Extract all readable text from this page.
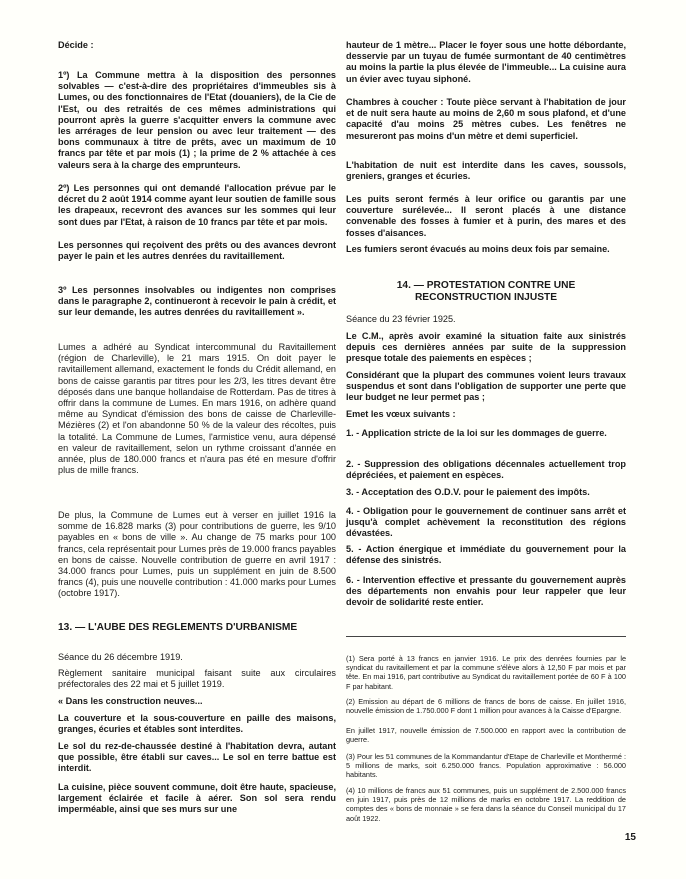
Décide :

1º) La Commune mettra à la disposition des personnes solvables — c'est-à-dire des propriétaires d'immeubles sis à Lumes, ou des fonctionnaires de l'Etat (douaniers), de la Cie de l'Est, ou des retraités de ces mêmes administrations qui pourront après la guerre s'acquitter envers la commune avec les arrérages de leur pension ou avec leur traitement — des bons communaux à titre de prêts, avec un maximum de 10 francs par tête et par mois (1) ; la prime de 2 % attachée à ces valeurs sera à la charge des emprunteurs.

2º) Les personnes qui ont demandé l'allocation prévue par le décret du 2 août 1914 comme ayant leur soutien de famille sous les drapeaux, recevront des avances sur les sommes qui leur sont dues par l'Etat, à raison de 10 francs par tête et par mois.

Les personnes qui reçoivent des prêts ou des avances devront payer le pain et les autres denrées du ravitaillement.

3º Les personnes insolvables ou indigentes non comprises dans le paragraphe 2, continueront à recevoir le pain à crédit, et sur leur demande, les autres denrées du ravitaillement ».

Lumes a adhéré au Syndicat intercommunal du Ravitaillement (région de Charleville), le 21 mars 1915. On doit payer le ravitaillement allemand, exactement le fonds du Crédit allemand, en bons de caisse garantis par titres pour les 2/3, les titres devant être déposés dans une banque hollandaise de Rotterdam. Pas de titres à offrir dans la commune de Lumes. En mars 1916, on adhère quand même au Syndicat d'émission des bons de caisse de Charleville-Mézières (2) et l'on abandonne 50 % de la valeur des récoltes, puis la totalité. La Commune de Lumes, l'armistice venu, aura dépensé en valeur de ravitaillement, selon un rythme croissant d'année en année, plus de 180.000 francs et n'aura pas été en mesure d'offrir plus de mille francs.

De plus, la Commune de Lumes eut à verser en juillet 1916 la somme de 16.828 marks (3) pour contributions de guerre, les 9/10 payables en « bons de ville ». Au change de 75 marks pour 100 francs, cela représentait pour Lumes près de 19.000 francs payables en bons de caisse. Nouvelle contribution de guerre en avril 1917 : 34.000 francs pour Lumes, puis un supplément en juin de 8.500 francs (4), puis une nouvelle contribution : 41.000 marks pour Lumes (octobre 1917).

13. — L'AUBE DES REGLEMENTS D'URBANISME

Séance du 26 décembre 1919.

Règlement sanitaire municipal faisant suite aux circulaires préfectorales des 22 mai et 5 juillet 1919.

« Dans les construction neuves...

La couverture et la sous-couverture en paille des maisons, granges, écuries et étables sont interdites.

Le sol du rez-de-chaussée destiné à l'habitation devra, autant que possible, être établi sur caves... Le sol en terre battue est interdit.

La cuisine, pièce souvent commune, doit être haute, spacieuse, largement éclairée et facile à aérer. Son sol sera rendu imperméable, ainsi que ses murs sur une

hauteur de 1 mètre... Placer le foyer sous une hotte débordante, desservie par un tuyau de fumée surmontant de 40 centimètres au moins la partie la plus élevée de l'immeuble... La cuisine aura un évier avec tuyau siphoné.

Chambres à coucher : Toute pièce servant à l'habitation de jour et de nuit sera haute au moins de 2,60 m sous plafond, et d'une capacité d'au moins 25 mètres cubes. Les fenêtres ne mesureront pas moins d'un mètre et demi superficiel.

L'habitation de nuit est interdite dans les caves, soussols, greniers, granges et écuries.

Les puits seront fermés à leur orifice ou garantis par une couverture surélevée... Il seront placés à une distance convenable des fosses à fumier et à purin, des mares et des fosses d'aisances.

Les fumiers seront évacués au moins deux fois par semaine.

14. — PROTESTATION CONTRE UNE
RECONSTRUCTION INJUSTE

Séance du 23 février 1925.

Le C.M., après avoir examiné la situation faite aux sinistrés depuis ces dernières années par suite de la suppression presque totale des paiements en espèces ;

Considérant que la plupart des communes voient leurs travaux suspendus et sont dans l'obligation de supporter une perte que leur budget ne leur permet pas ;

Emet les vœux suivants :

1. - Application stricte de la loi sur les dommages de guerre.

2. - Suppression des obligations décennales actuellement trop dépréciées, et paiement en espèces.

3. - Acceptation des O.D.V. pour le paiement des impôts.

4. - Obligation pour le gouvernement de continuer sans arrêt et jusqu'à complet achèvement la reconstitution des régions dévastées.

5. - Action énergique et immédiate du gouvernement pour la défense des sinistrés.

6. - Intervention effective et pressante du gouvernement auprès des départements non envahis pour leur rappeler que leur devoir de solidarité reste entier.

(1) Sera porté à 13 francs en janvier 1916. Le prix des denrées fournies par le syndicat du ravitaillement et par la commune s'élève alors à 12,50 F par mois et par tête. En mai 1916, part contributive au Syndicat du ravitaillement portée de 60 F à 100 F par habitant.

(2) Emission au départ de 6 millions de francs de bons de caisse. En juillet 1916, nouvelle émission de 1.750.000 F dont 1 million pour avances à la Caisse d'Epargne.

En juillet 1917, nouvelle émission de 7.500.000 en rapport avec la contribution de guerre.

(3) Pour les 51 communes de la Kommandantur d'Etape de Charleville et Monthermé : 5 millions de marks, soit 6.250.000 francs. Population approximative : 56.000 habitants.

(4) 10 millions de francs aux 51 communes, puis un supplément de 2.500.000 francs en juin 1917, puis près de 12 millions de marks en octobre 1917. La reddition de comptes des « bons de monnaie » se fera dans la séance du Conseil municipal du 17 août 1922.

15
